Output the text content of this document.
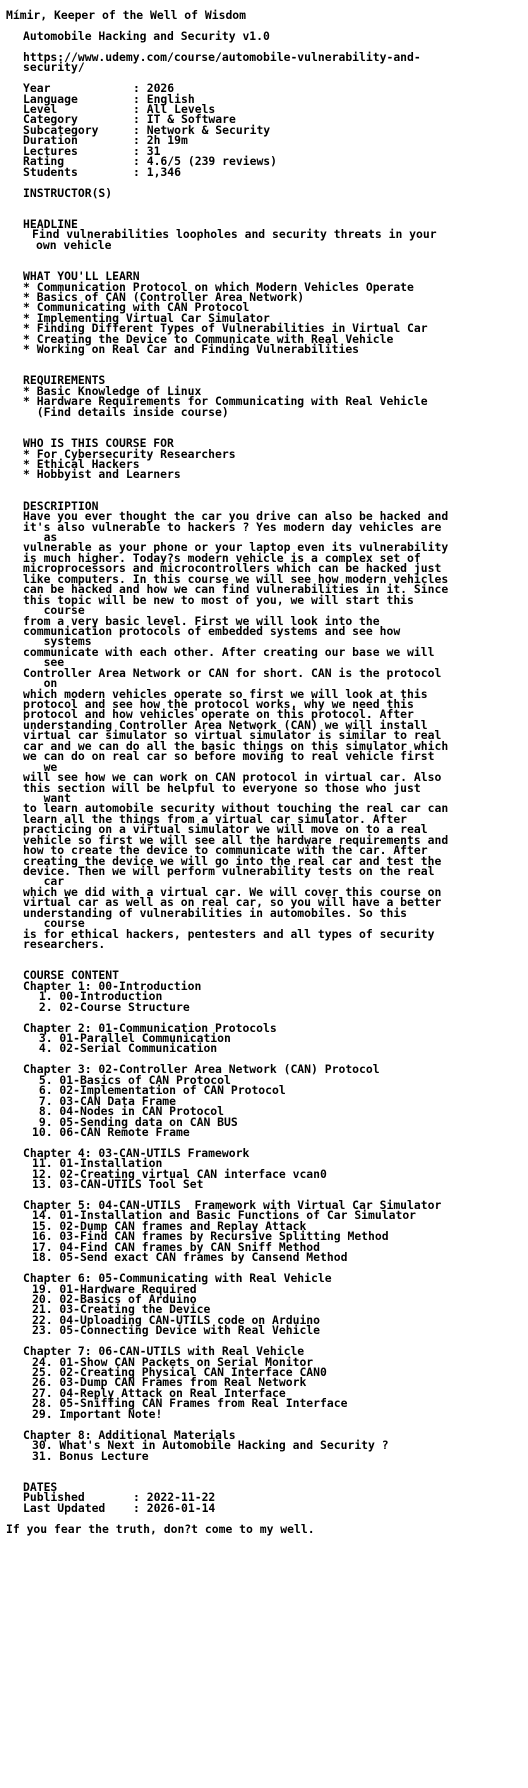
Mímir, Keeper of the Well of Wisdom
Automobile Hacking and Security v1.0
https://www.udemy.com/course/automobile-vulnerability-and-
security/
Year	: 2026
Language	: English
Level	: All Levels
Category	: IT & Software
Subcategory	: Network & Security
Duration	: 2h 19m
Lectures	: 31
Rating	: 4.6/5 (239 reviews)
Students	: 1,346
INSTRUCTOR(S)
HEADLINE
Find vulnerabilities loopholes and security threats in your
own vehicle
WHAT YOU'LL LEARN
* Communication Protocol on which Modern Vehicles Operate
* Basics of CAN (Controller Area Network)
* Communicating with CAN Protocol
* Implementing Virtual Car Simulator
* Finding Different Types of Vulnerabilities in Virtual Car
* Creating the Device to Communicate with Real Vehicle
* Working on Real Car and Finding Vulnerabilities
REQUIREMENTS
* Basic Knowledge of Linux
* Hardware Requirements for Communicating with Real Vehicle
(Find details inside course)
WHO IS THIS COURSE FOR
* For Cybersecurity Researchers
* Ethical Hackers
* Hobbyist and Learners
DESCRIPTION
Have you ever thought the car you drive can also be hacked and
it's also vulnerable to hackers ? Yes modern day vehicles are
as
vulnerable as your phone or your laptop even its vulnerability
is much higher. Today?s modern vehicle is a complex set of
microprocessors and microcontrollers which can be hacked just
like computers. In this course we will see how modern vehicles
can be hacked and how we can find vulnerabilities in it. Since
this topic will be new to most of you, we will start this
course
from a very basic level. First we will look into the
communication protocols of embedded systems and see how
systems
communicate with each other. After creating our base we will
see
Controller Area Network or CAN for short. CAN is the protocol
on
which modern vehicles operate so first we will look at this
protocol and see how the protocol works, why we need this
protocol and how vehicles operate on this protocol. After
understanding Controller Area Network (CAN) we will install
virtual car simulator so virtual simulator is similar to real
car and we can do all the basic things on this simulator which
we can do on real car so before moving to real vehicle first
we
will see how we can work on CAN protocol in virtual car. Also
this section will be helpful to everyone so those who just
want
to learn automobile security without touching the real car can
learn all the things from a virtual car simulator. After
practicing on a virtual simulator we will move on to a real
vehicle so first we will see all the hardware requirements and
how to create the device to communicate with the car. After
creating the device we will go into the real car and test the
device. Then we will perform vulnerability tests on the real
car
which we did with a virtual car. We will cover this course on
virtual car as well as on real car, so you will have a better
understanding of vulnerabilities in automobiles. So this
course
is for ethical hackers, pentesters and all types of security
researchers.
COURSE CONTENT
Chapter 1: 00-Introduction
1. 00-Introduction
2. 02-Course Structure
Chapter 2: 01-Communication Protocols
3. 01-Parallel Communication
4. 02-Serial Communication
Chapter 3: 02-Controller Area Network (CAN) Protocol
5. 01-Basics of CAN Protocol
6. 02-Implementation of CAN Protocol
7. 03-CAN Data Frame
8. 04-Nodes in CAN Protocol
9. 05-Sending data on CAN BUS
10. 06-CAN Remote Frame
Chapter 4: 03-CAN-UTILS Framework
11. 01-Installation
12. 02-Creating virtual CAN interface vcan0
13. 03-CAN-UTILS Tool Set
Chapter 5: 04-CAN-UTILS  Framework with Virtual Car Simulator
14. 01-Installation and Basic Functions of Car Simulator
15. 02-Dump CAN frames and Replay Attack
16. 03-Find CAN frames by Recursive Splitting Method
17. 04-Find CAN frames by CAN Sniff Method
18. 05-Send exact CAN frames by Cansend Method
Chapter 6: 05-Communicating with Real Vehicle
19. 01-Hardware Required
20. 02-Basics of Arduino
21. 03-Creating the Device
22. 04-Uploading CAN-UTILS code on Arduino
23. 05-Connecting Device with Real Vehicle
Chapter 7: 06-CAN-UTILS with Real Vehicle
24. 01-Show CAN Packets on Serial Monitor
25. 02-Creating Physical CAN Interface CAN0
26. 03-Dump CAN Frames from Real Network
27. 04-Reply Attack on Real Interface
28. 05-Sniffing CAN Frames from Real Interface
29. Important Note!
Chapter 8: Additional Materials
30. What's Next in Automobile Hacking and Security ?
31. Bonus Lecture
DATES
Published	: 2022-11-22
Last Updated	: 2026-01-14
If you fear the truth, don?t come to my well.
